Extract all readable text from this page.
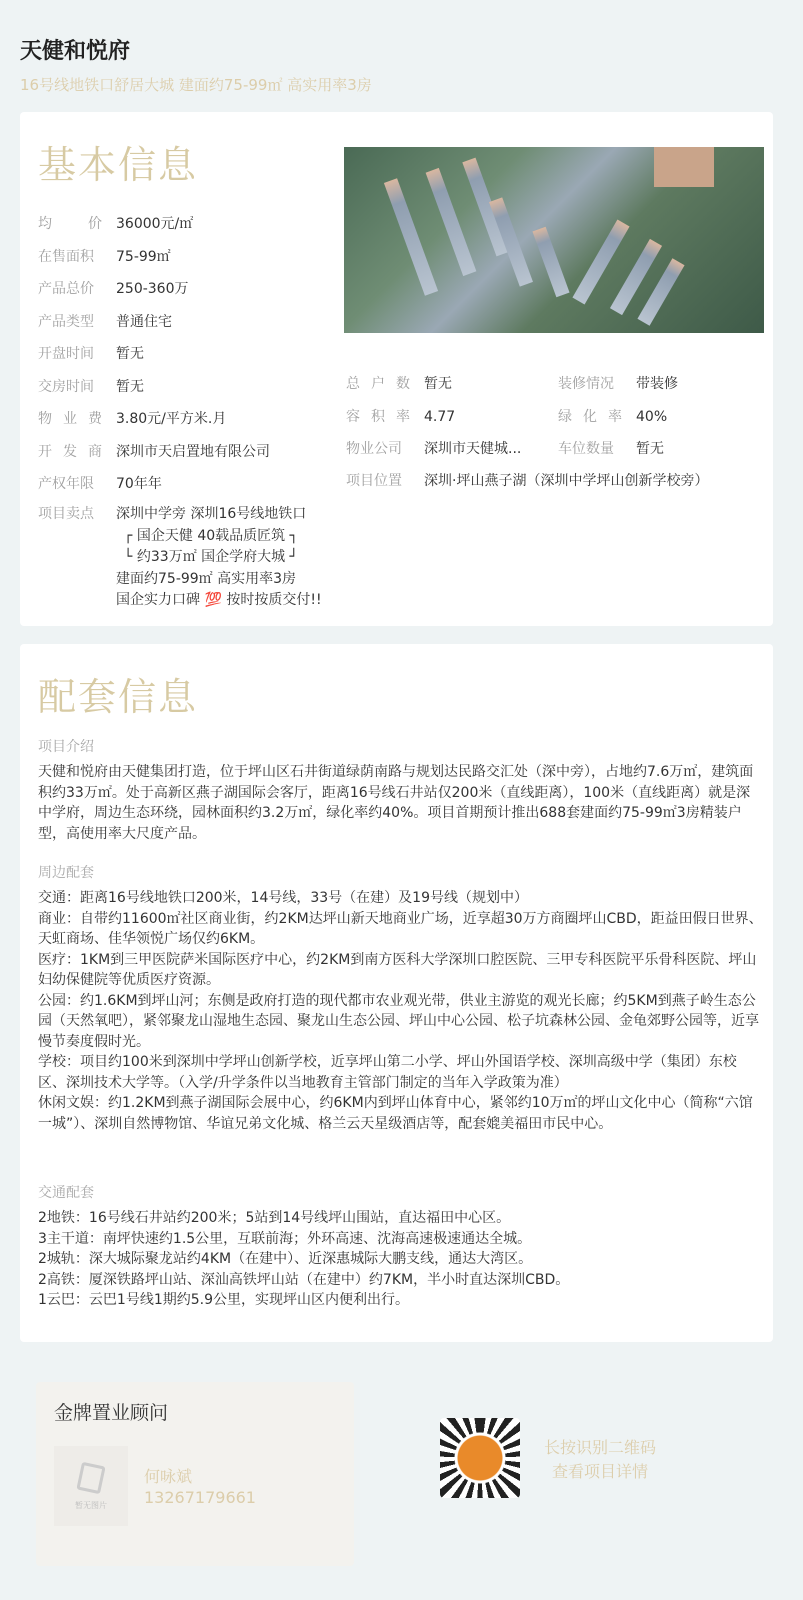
天健和悦府
16号线地铁口舒居大城 建面约75-99㎡ 高实用率3房
基本信息
均	价 36000元/㎡
在售面积	75-99㎡
产品总价	250-360万
产品类型	普通住宅
开盘时间	暂无
交房时间	暂无
物 业 费 3.80元/平方米.月
开 发 商 深圳市天启置地有限公司
产权年限	70年年
项目卖点	深圳中学旁 深圳16号线地铁口
┌ 国企天健 40载品质匠筑 ┐
└ 约33万㎡ 国企学府大城 ┘
建面约75-99㎡ 高实用率3房
国企实力口碑 💯 按时按质交付!!
总 户 数 暂无	装修情况	带装修
容 积 率 4.77	绿 化 率 40%
物业公司	深圳市天健城...	车位数量	暂无
项目位置	深圳·坪山燕子湖（深圳中学坪山创新学校旁）
配套信息
项目介绍
天健和悦府由天健集团打造，位于坪山区石井街道绿荫南路与规划达民路交汇处（深中旁），占地约7.6万㎡，建筑面积约33万㎡。处于高新区燕子湖国际会客厅，距离16号线石井站仅200米（直线距离），100米（直线距离）就是深中学府，周边生态环绕，园林面积约3.2万㎡，绿化率约40%。项目首期预计推出688套建面约75-99㎡3房精装户型，高使用率大尺度产品。
周边配套
交通：距离16号线地铁口200米，14号线，33号（在建）及19号线（规划中）
商业：自带约11600㎡社区商业街，约2KM达坪山新天地商业广场，近享超30万方商圈坪山CBD，距益田假日世界、天虹商场、佳华领悦广场仅约6KM。
医疗：1KM到三甲医院萨米国际医疗中心，约2KM到南方医科大学深圳口腔医院、三甲专科医院平乐骨科医院、坪山妇幼保健院等优质医疗资源。
公园：约1.6KM到坪山河；东侧是政府打造的现代都市农业观光带，供业主游览的观光长廊；约5KM到燕子岭生态公园（天然氧吧），紧邻聚龙山湿地生态园、聚龙山生态公园、坪山中心公园、松子坑森林公园、金龟郊野公园等，近享慢节奏度假时光。
学校：项目约100米到深圳中学坪山创新学校，近享坪山第二小学、坪山外国语学校、深圳高级中学（集团）东校区、深圳技术大学等。（入学/升学条件以当地教育主管部门制定的当年入学政策为准）
休闲文娱：约1.2KM到燕子湖国际会展中心，约6KM内到坪山体育中心，紧邻约10万㎡的坪山文化中心（简称“六馆一城”）、深圳自然博物馆、华谊兄弟文化城、格兰云天星级酒店等，配套媲美福田市民中心。
交通配套
2地铁：16号线石井站约200米；5站到14号线坪山围站，直达福田中心区。
3主干道：南坪快速约1.5公里，互联前海；外环高速、沈海高速极速通达全城。
2城轨：深大城际聚龙站约4KM（在建中）、近深惠城际大鹏支线，通达大湾区。
2高铁：厦深铁路坪山站、深汕高铁坪山站（在建中）约7KM，半小时直达深圳CBD。
1云巴：云巴1号线1期约5.9公里，实现坪山区内便利出行。
金牌置业顾问
暂无图片
何咏斌
13267179661
长按识别二维码
查看项目详情
